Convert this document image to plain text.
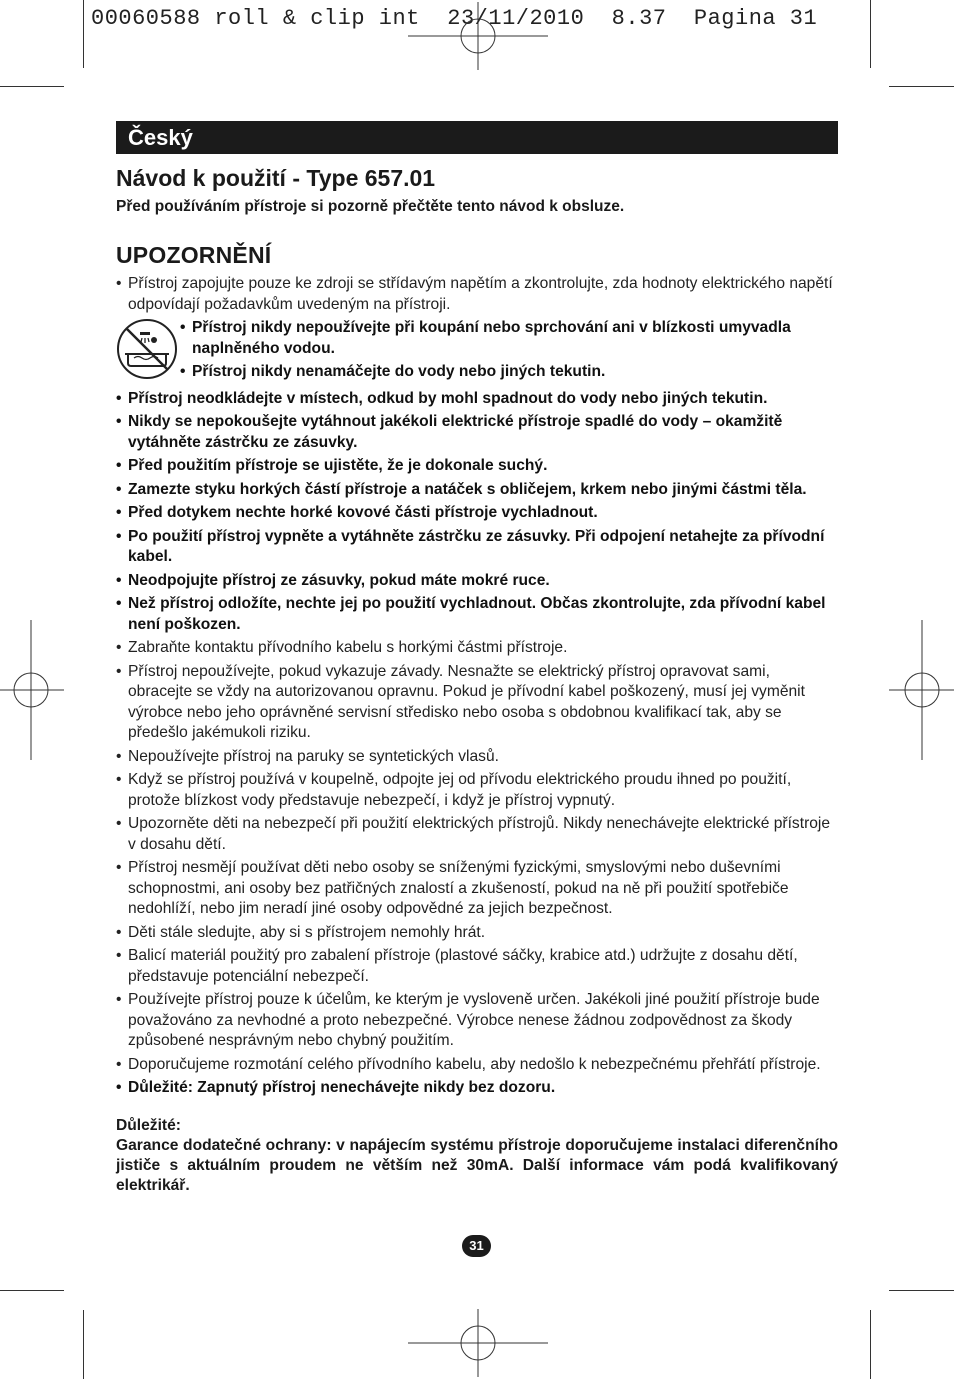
00060588 roll & clip int  23/11/2010  8.37  Pagina 31
Český
Návod k použití - Type 657.01
Před používáním přístroje si pozorně přečtěte tento návod k obsluze.
UPOZORNĚNÍ
• Přístroj zapojujte pouze ke zdroji se střídavým napětím a zkontrolujte, zda hodnoty elektrického napětí odpovídají požadavkům uvedeným na přístroji.
• Přístroj nikdy nepoužívejte při koupání nebo sprchování ani v blízkosti umyvadla naplněného vodou.
• Přístroj nikdy nenamáčejte do vody nebo jiných tekutin.
• Přístroj neodkládejte v místech, odkud by mohl spadnout do vody nebo jiných tekutin.
• Nikdy se nepokoušejte vytáhnout jakékoli elektrické přístroje spadlé do vody – okamžitě vytáhněte zástrčku ze zásuvky.
• Před použitím přístroje se ujistěte, že je dokonale suchý.
• Zamezte styku horkých částí přístroje a natáček s obličejem, krkem nebo jinými částmi těla.
• Před dotykem nechte horké kovové části přístroje vychladnout.
• Po použití přístroj vypněte a vytáhněte zástrčku ze zásuvky. Při odpojení netahejte za přívodní kabel.
• Neodpojujte přístroj ze zásuvky, pokud máte mokré ruce.
• Než přístroj odložíte, nechte jej po použití vychladnout. Občas zkontrolujte, zda přívodní kabel není poškozen.
• Zabraňte kontaktu přívodního kabelu s horkými částmi přístroje.
• Přístroj nepoužívejte, pokud vykazuje závady. Nesnažte se elektrický přístroj opravovat sami, obracejte se vždy na autorizovanou opravnu. Pokud je přívodní kabel poškozený, musí jej vyměnit výrobce nebo jeho oprávněné servisní středisko nebo osoba s obdobnou kvalifikací tak, aby se předešlo jakémukoli riziku.
• Nepoužívejte přístroj na paruky se syntetických vlasů.
• Když se přístroj používá v koupelně, odpojte jej od přívodu elektrického proudu ihned po použití, protože blízkost vody představuje nebezpečí, i když je přístroj vypnutý.
• Upozorněte děti na nebezpečí při použití elektrických přístrojů. Nikdy nenechávejte elektrické přístroje v dosahu dětí.
• Přístroj nesmějí používat děti nebo osoby se sníženými fyzickými, smyslovými nebo duševními schopnostmi, ani osoby bez patřičných znalostí a zkušeností, pokud na ně při použití spotřebiče nedohlíží, nebo jim neradí jiné osoby odpovědné za jejich bezpečnost.
• Děti stále sledujte, aby si s přístrojem nemohly hrát.
• Balicí materiál použitý pro zabalení přístroje (plastové sáčky, krabice atd.) udržujte z dosahu dětí, představuje potenciální nebezpečí.
• Používejte přístroj pouze k účelům, ke kterým je vysloveně určen. Jakékoli jiné použití přístroje bude považováno za nevhodné a proto nebezpečné. Výrobce nenese žádnou zodpovědnost za škody způsobené nesprávným nebo chybný použitím.
• Doporučujeme rozmotání celého přívodního kabelu, aby nedošlo k nebezpečnému přehřátí přístroje.
• Důležité: Zapnutý přístroj nenechávejte nikdy bez dozoru.
Důležité:
Garance dodatečné ochrany: v napájecím systému přístroje doporučujeme instalaci diferenčního jističe s aktuálním proudem ne větším než 30mA. Další informace vám podá kvalifikovaný elektrikář.
31
